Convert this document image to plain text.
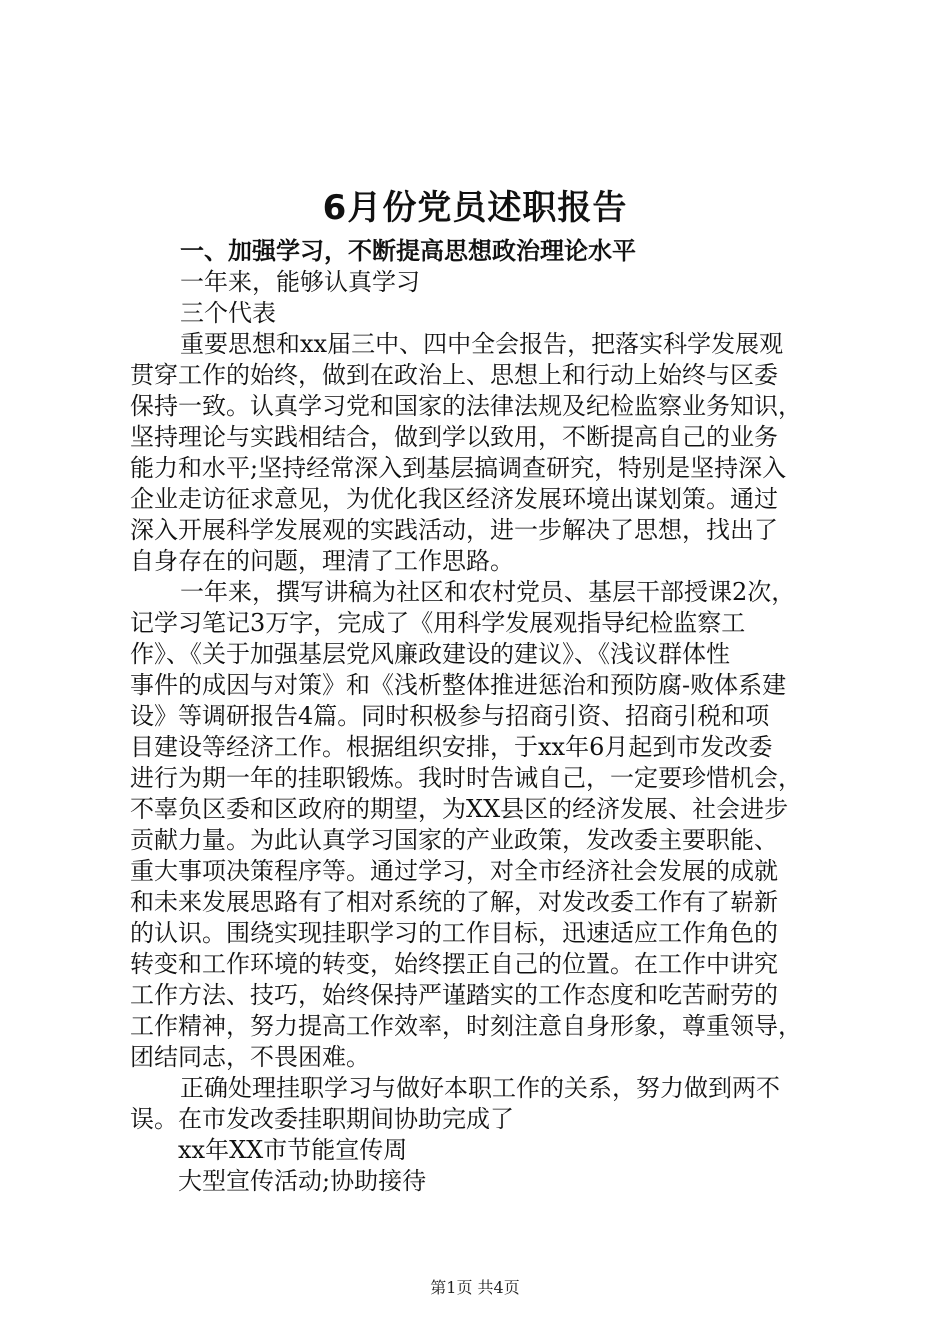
6月份党员述职报告
一、加强学习，不断提高思想政治理论水平
一年来，能够认真学习
三个代表
重要思想和xx届三中、四中全会报告，把落实科学发展观
贯穿工作的始终，做到在政治上、思想上和行动上始终与区委
保持一致。认真学习党和国家的法律法规及纪检监察业务知识，
坚持理论与实践相结合，做到学以致用，不断提高自己的业务
能力和水平;坚持经常深入到基层搞调查研究，特别是坚持深入
企业走访征求意见，为优化我区经济发展环境出谋划策。通过
深入开展科学发展观的实践活动，进一步解决了思想，找出了
自身存在的问题，理清了工作思路。
一年来，撰写讲稿为社区和农村党员、基层干部授课2次，
记学习笔记3万字，完成了《用科学发展观指导纪检监察工
作》、《关于加强基层党风廉政建设的建议》、《浅议群体性
事件的成因与对策》和《浅析整体推进惩治和预防腐-败体系建
设》等调研报告4篇。同时积极参与招商引资、招商引税和项
目建设等经济工作。根据组织安排，于xx年6月起到市发改委
进行为期一年的挂职锻炼。我时时告诫自己，一定要珍惜机会，
不辜负区委和区政府的期望，为XX县区的经济发展、社会进步
贡献力量。为此认真学习国家的产业政策，发改委主要职能、
重大事项决策程序等。通过学习，对全市经济社会发展的成就
和未来发展思路有了相对系统的了解，对发改委工作有了崭新
的认识。围绕实现挂职学习的工作目标，迅速适应工作角色的
转变和工作环境的转变，始终摆正自己的位置。在工作中讲究
工作方法、技巧，始终保持严谨踏实的工作态度和吃苦耐劳的
工作精神，努力提高工作效率，时刻注意自身形象，尊重领导，
团结同志，不畏困难。
正确处理挂职学习与做好本职工作的关系，努力做到两不
误。在市发改委挂职期间协助完成了
xx年XX市节能宣传周
大型宣传活动;协助接待
第1页 共4页
